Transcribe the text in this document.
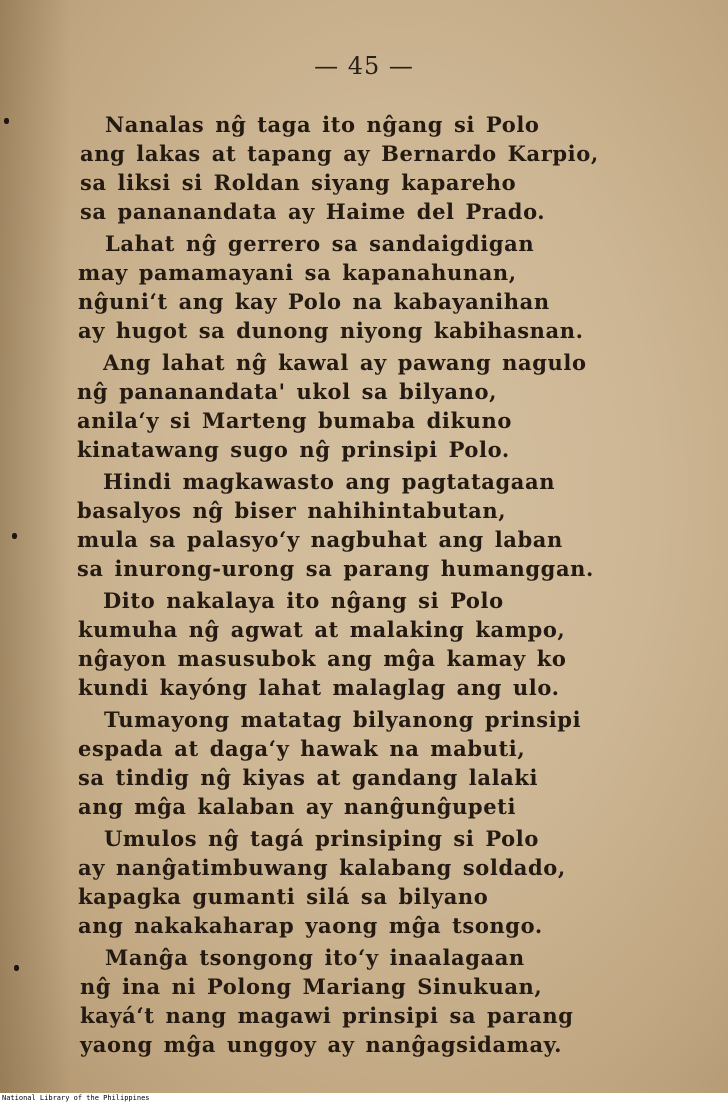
— 45 —
Nanalas nĝ taga ito nĝang si Polo
ang lakas at tapang ay Bernardo Karpio,
sa liksi si Roldan siyang kapareho
sa pananandata ay Haime del Prado.
Lahat nĝ gerrero sa sandaigdigan
may pamamayani sa kapanahunan,
nĝuni‘t ang kay Polo na kabayanihan
ay hugot sa dunong niyong kabihasnan.
Ang lahat nĝ kawal ay pawang nagulo
nĝ pananandata' ukol sa bilyano,
anila‘y si Marteng bumaba dikuno
kinatawang sugo nĝ prinsipi Polo.
Hindi magkawasto ang pagtatagaan
basalyos nĝ biser nahihintabutan,
mula sa palasyo‘y nagbuhat ang laban
sa inurong-urong sa parang humanggan.
Dito nakalaya ito nĝang si Polo
kumuha nĝ agwat at malaking kampo,
nĝayon masusubok ang mĝa kamay ko
kundi kayóng lahat malaglag ang ulo.
Tumayong matatag bilyanong prinsipi
espada at daga‘y hawak na mabuti,
sa tindig nĝ kiyas at gandang lalaki
ang mĝa kalaban ay nanĝunĝupeti
Umulos nĝ tagá prinsiping si Polo
ay nanĝatimbuwang kalabang soldado,
kapagka gumanti silá sa bilyano
ang nakakaharap yaong mĝa tsongo.
Manĝa tsongong ito‘y inaalagaan
nĝ ina ni Polong Mariang Sinukuan,
kayá‘t nang magawi prinsipi sa parang
yaong mĝa unggoy ay nanĝagsidamay.
National Library of the Philippines
